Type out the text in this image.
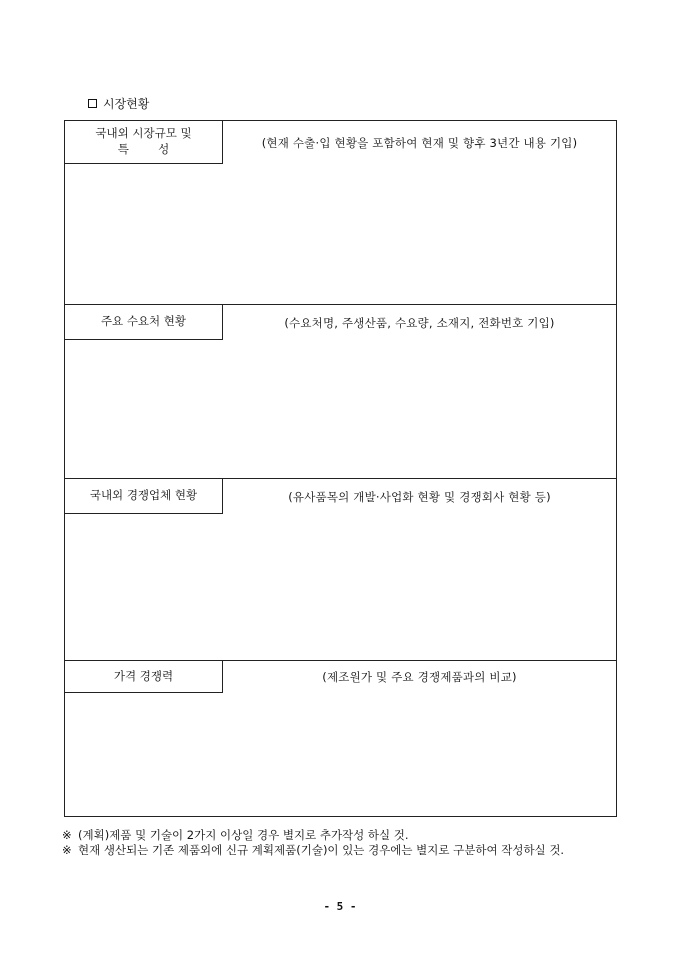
시장현황
국내외 시장규모 및
특        성	(현재 수출·입 현황을 포함하여 현재 및 향후 3년간 내용 기입)
주요 수요처 현황	(수요처명, 주생산품, 수요량, 소재지, 전화번호 기입)
국내외 경쟁업체 현황	(유사품목의 개발·사업화 현황 및 경쟁회사 현황 등)
가격 경쟁력	(제조원가 및 주요 경쟁제품과의 비교)
※ (계획)제품 및 기술이 2가지 이상일 경우 별지로 추가작성 하실 것.
※ 현재 생산되는 기존 제품외에 신규 계획제품(기술)이 있는 경우에는 별지로 구분하여 작성하실 것.
- 5 -
